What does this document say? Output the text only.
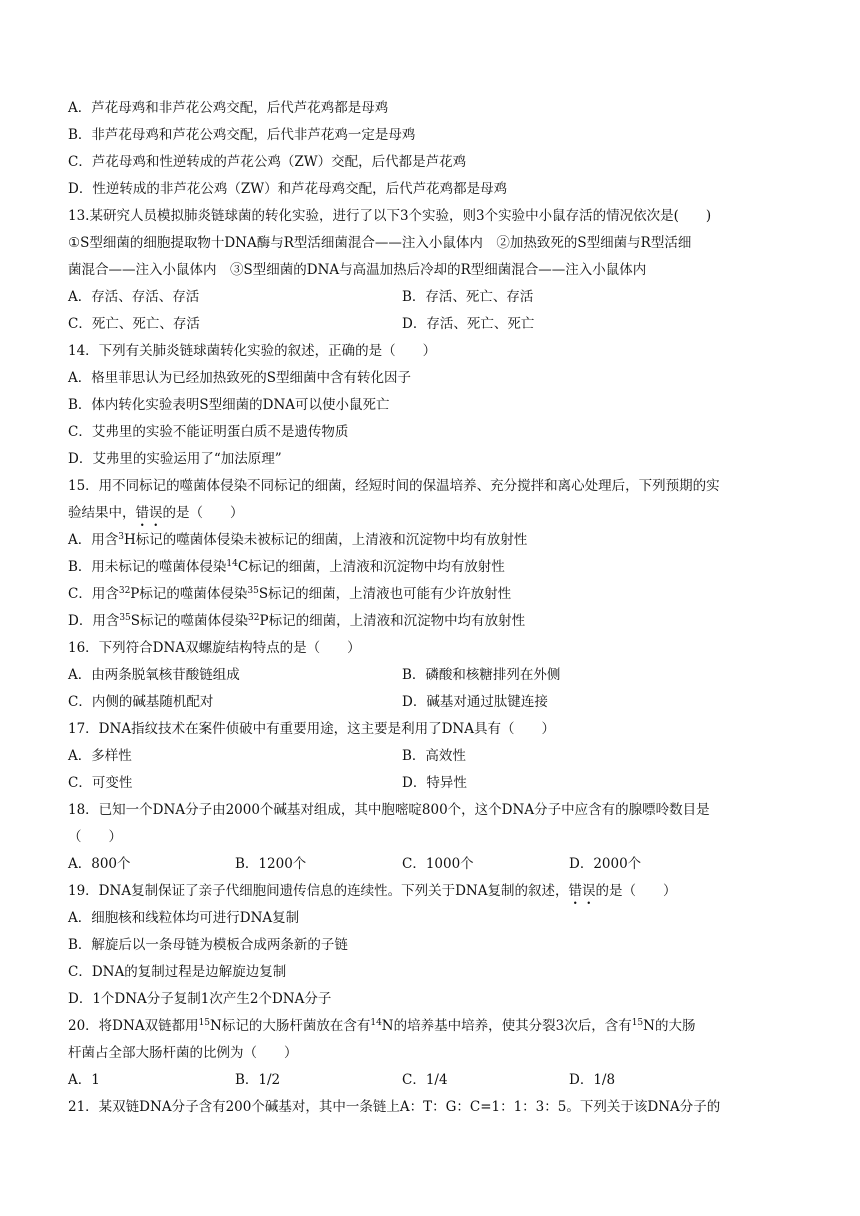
A．芦花母鸡和非芦花公鸡交配，后代芦花鸡都是母鸡
B．非芦花母鸡和芦花公鸡交配，后代非芦花鸡一定是母鸡
C．芦花母鸡和性逆转成的芦花公鸡（ZW）交配，后代都是芦花鸡
D．性逆转成的非芦花公鸡（ZW）和芦花母鸡交配，后代芦花鸡都是母鸡
13.某研究人员模拟肺炎链球菌的转化实验，进行了以下3个实验，则3个实验中小鼠存活的情况依次是(　　)
①S型细菌的细胞提取物十DNA酶与R型活细菌混合——注入小鼠体内　②加热致死的S型细菌与R型活细
菌混合——注入小鼠体内　③S型细菌的DNA与高温加热后冷却的R型细菌混合——注入小鼠体内
A．存活、存活、存活	B．存活、死亡、存活
C．死亡、死亡、存活	D．存活、死亡、死亡
14．下列有关肺炎链球菌转化实验的叙述，正确的是（　　）
A．格里菲思认为已经加热致死的S型细菌中含有转化因子
B．体内转化实验表明S型细菌的DNA可以使小鼠死亡
C．艾弗里的实验不能证明蛋白质不是遗传物质
D．艾弗里的实验运用了“加法原理”
15．用不同标记的噬菌体侵染不同标记的细菌，经短时间的保温培养、充分搅拌和离心处理后，下列预期的实
验结果中，错误的是（　　）
A．用含$^3$H标记的噬菌体侵染未被标记的细菌，上清液和沉淀物中均有放射性
B．用未标记的噬菌体侵染$^{14}$C标记的细菌，上清液和沉淀物中均有放射性
C．用含$^{32}$P标记的噬菌体侵染$^{35}$S标记的细菌，上清液也可能有少许放射性
D．用含$^{35}$S标记的噬菌体侵染$^{32}$P标记的细菌，上清液和沉淀物中均有放射性
16．下列符合DNA双螺旋结构特点的是（　　）
A．由两条脱氧核苷酸链组成	B．磷酸和核糖排列在外侧
C．内侧的碱基随机配对	D．碱基对通过肽键连接
17．DNA指纹技术在案件侦破中有重要用途，这主要是利用了DNA具有（　　）
A．多样性	B．高效性
C．可变性	D．特异性
18．已知一个DNA分子由2000个碱基对组成，其中胞嘧啶800个，这个DNA分子中应含有的腺嘌呤数目是
（　　）
A．800个	B．1200个	C．1000个	D．2000个
19．DNA复制保证了亲子代细胞间遗传信息的连续性。下列关于DNA复制的叙述，错误的是（　　）
A．细胞核和线粒体均可进行DNA复制
B．解旋后以一条母链为模板合成两条新的子链
C．DNA的复制过程是边解旋边复制
D．1个DNA分子复制1次产生2个DNA分子
20．将DNA双链都用$^{15}$N标记的大肠杆菌放在含有$^{14}$N的培养基中培养，使其分裂3次后，含有$^{15}$N的大肠
杆菌占全部大肠杆菌的比例为（　　）
A．1	B．1/2	C．1/4	D．1/8
21．某双链DNA分子含有200个碱基对，其中一条链上A：T：G：C=1：1：3：5。下列关于该DNA分子的
